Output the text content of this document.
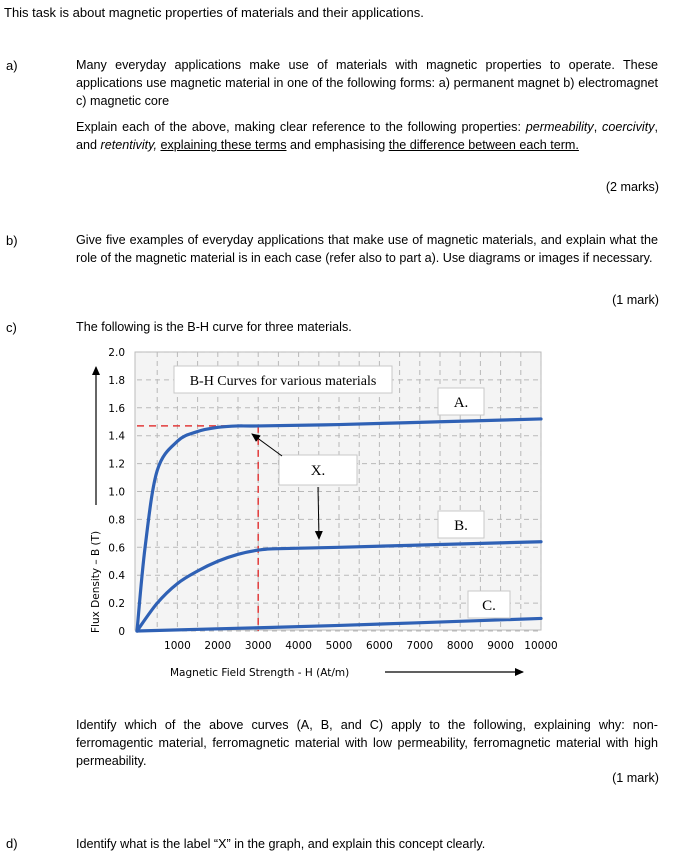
This task is about magnetic properties of materials and their applications.
a)	Many everyday applications make use of materials with magnetic properties to operate. These applications use magnetic material in one of the following forms: a) permanent magnet b) electromagnet c) magnetic core
Explain each of the above, making clear reference to the following properties: permeability, coercivity, and retentivity, explaining these terms and emphasising the difference between each term.
(2 marks)
b)	Give five examples of everyday applications that make use of magnetic materials, and explain what the role of the magnetic material is in each case (refer also to part a). Use diagrams or images if necessary.
(1 mark)
c)	The following is the B-H curve for three materials.
0
0.2
0.4
0.6
0.8
1.0
1.2
1.4
1.6
1.8
2.0
1000 2000 3000 4000 5000 6000 7000 8000 9000 10000
Flux Density – B (T)
Magnetic Field Strength - H (At/m)
B-H Curves for various materials
X.
A.
B.
C.
Identify which of the above curves (A, B, and C) apply to the following, explaining why: non-ferromagentic material, ferromagnetic material with low permeability, ferromagnetic material with high permeability.
(1 mark)
d)	Identify what is the label “X” in the graph, and explain this concept clearly.
